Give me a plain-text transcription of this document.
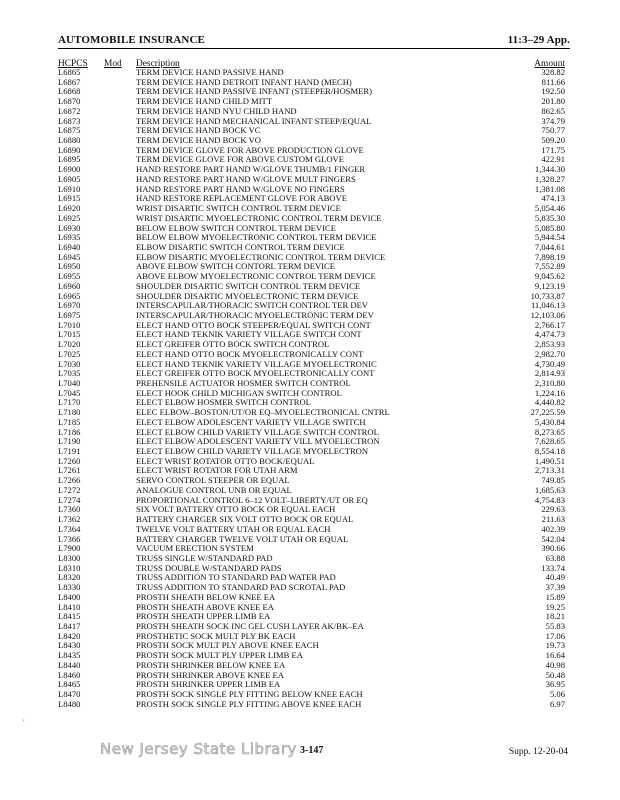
AUTOMOBILE INSURANCE	11:3–29 App.
HCPCS Mod Description	Amount
L6865	TERM DEVICE HAND PASSIVE HAND	328.82
L6867	TERM DEVICE HAND DETROIT INFANT HAND (MECH)	811.66
L6868	TERM DEVICE HAND PASSIVE INFANT (STEEPER/HOSMER)	192.50
L6870	TERM DEVICE HAND CHILD MITT	201.80
L6872	TERM DEVICE HAND NYU CHILD HAND	862.65
L6873	TERM DEVICE HAND MECHANICAL INFANT STEEP/EQUAL	374.79
L6875	TERM DEVICE HAND BOCK VC	750.77
L6880	TERM DEVICE HAND BOCK VO	509.20
L6890	TERM DEVICE GLOVE FOR ABOVE PRODUCTION GLOVE	171.75
L6895	TERM DEVICE GLOVE FOR ABOVE CUSTOM GLOVE	422.91
L6900	HAND RESTORE PART HAND W/GLOVE THUMB/1 FINGER	1,344.30
L6905	HAND RESTORE PART HAND W/GLOVE MULT FINGERS	1,328.27
L6910	HAND RESTORE PART HAND W/GLOVE NO FINGERS	1,381.08
L6915	HAND RESTORE REPLACEMENT GLOVE FOR ABOVE	474.13
L6920	WRIST DISARTIC SWITCH CONTROL TERM DEVICE	5,054.46
L6925	WRIST DISARTIC MYOELECTRONIC CONTROL TERM DEVICE	5,835.30
L6930	BELOW ELBOW SWITCH CONTROL TERM DEVICE	5,085.80
L6935	BELOW ELBOW MYOELECTRONIC CONTROL TERM DEVICE	5,944.54
L6940	ELBOW DISARTIC SWITCH CONTROL TERM DEVICE	7,044.61
L6945	ELBOW DISARTIC MYOELECTRONIC CONTROL TERM DEVICE	7,898.19
L6950	ABOVE ELBOW SWITCH CONTORL TERM DEVICE	7,552.89
L6955	ABOVE ELBOW MYOELECTRONIC CONTROL TERM DEVICE	9,045.62
L6960	SHOULDER DISARTIC SWITCH CONTROL TERM DEVICE	9,123.19
L6965	SHOULDER DISARTIC MYOELECTRONIC TERM DEVICE	10,733.87
L6970	INTERSCAPULAR/THORACIC SWITCH CONTROL TER DEV	11,046.13
L6975	INTERSCAPULAR/THORACIC MYOELECTRONIC TERM DEV	12,103.06
L7010	ELECT HAND OTTO BOCK STEEPER/EQUAL SWITCH CONT	2,766.17
L7015	ELECT HAND TEKNIK VARIETY VILLAGE SWITCH CONT	4,474.73
L7020	ELECT GREIFER OTTO BOCK SWITCH CONTROL	2,853.93
L7025	ELECT HAND OTTO BOCK MYOELECTRONICALLY CONT	2,982.70
L7030	ELECT HAND TEKNIK VARIETY VILLAGE MYOELECTRONIC	4,730.49
L7035	ELECT GREIFER OTTO BOCK MYOELECTRONICALLY CONT	2,814.93
L7040	PREHENSILE ACTUATOR HOSMER SWITCH CONTROL	2,310.80
L7045	ELECT HOOK CHILD MICHIGAN SWITCH CONTROL	1,224.16
L7170	ELECT ELBOW HOSMER SWITCH CONTROL	4,440.82
L7180	ELEC ELBOW–BOSTON/UT/OR EQ–MYOELECTRONICAL CNTRL	27,225.59
L7185	ELECT ELBOW ADOLESCENT VARIETY VILLAGE SWITCH	5,430.84
L7186	ELECT ELBOW CHILD VARIETY VILLAGE SWITCH CONTROL	8,273.65
L7190	ELECT ELBOW ADOLESCENT VARIETY VILL MYOELECTRON	7,628.65
L7191	ELECT ELBOW CHILD VARIETY VILLAGE MYOELECTRON	8,554.18
L7260	ELECT WRIST ROTATOR OTTO BOCK/EQUAL	1,490.51
L7261	ELECT WRIST ROTATOR FOR UTAH ARM	2,713.31
L7266	SERVO CONTROL STEEPER OR EQUAL	749.85
L7272	ANALOGUE CONTROL UNB OR EQUAL	1,685.63
L7274	PROPORTIONAL CONTROL 6–12 VOLT–LIBERTY/UT OR EQ	4,754.83
L7360	SIX VOLT BATTERY OTTO BOCK OR EQUAL EACH	229.63
L7362	BATTERY CHARGER SIX VOLT OTTO BOCK OR EQUAL	211.63
L7364	TWELVE VOLT BATTERY UTAH OR EQUAL EACH	402.39
L7366	BATTERY CHARGER TWELVE VOLT UTAH OR EQUAL	542.04
L7900	VACUUM ERECTION SYSTEM	390.66
L8300	TRUSS SINGLE W/STANDARD PAD	63.88
L8310	TRUSS DOUBLE W/STANDARD PADS	133.74
L8320	TRUSS ADDITION TO STANDARD PAD WATER PAD	40.49
L8330	TRUSS ADDITION TO STANDARD PAD SCROTAL PAD	37.39
L8400	PROSTH SHEATH BELOW KNEE EA	15.89
L8410	PROSTH SHEATH ABOVE KNEE EA	19.25
L8415	PROSTH SHEATH UPPER LIMB EA	18.21
L8417	PROSTH SHEATH SOCK INC GEL CUSH LAYER AK/BK–EA	55.83
L8420	PROSTHETIC SOCK MULT PLY BK EACH	17.06
L8430	PROSTH SOCK MULT PLY ABOVE KNEE EACH	19.73
L8435	PROSTH SOCK MULT PLY UPPER LIMB EA	16.64
L8440	PROSTH SHRINKER BELOW KNEE EA	40.98
L8460	PROSTH SHRINKER ABOVE KNEE EA	50.48
L8465	PROSTH SHRINKER UPPER LIMB EA	36.95
L8470	PROSTH SOCK SINGLE PLY FITTING BELOW KNEE EACH	5.06
L8480	PROSTH SOCK SINGLE PLY FITTING ABOVE KNEE EACH	6.97
'
New Jersey State Library 3-147	Supp. 12-20-04
